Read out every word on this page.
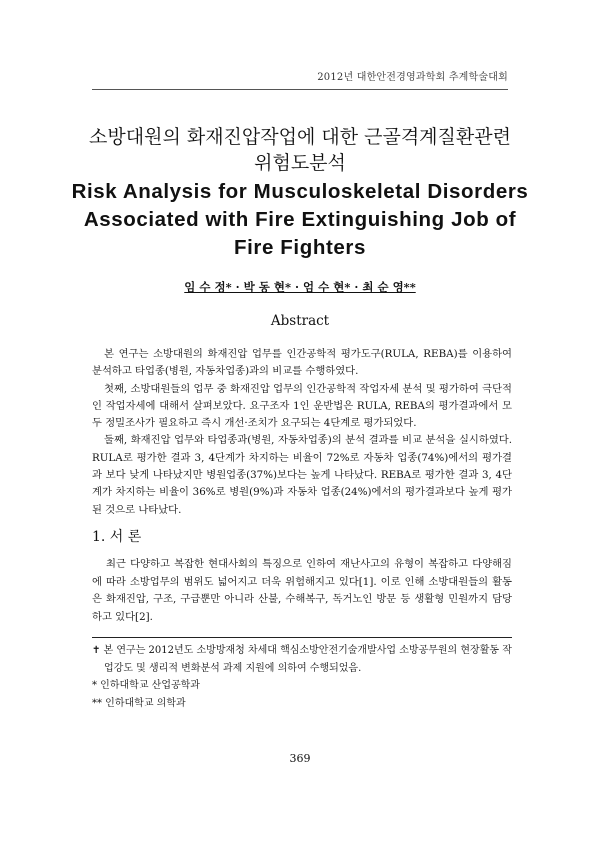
2012년 대한안전경영과학회 추계학술대회
소방대원의 화재진압작업에 대한 근골격계질환관련
위험도분석
Risk Analysis for Musculoskeletal Disorders
Associated with Fire Extinguishing Job of
Fire Fighters
임 수 정* · 박 동 현* · 엄 수 현* · 최 순 영**
Abstract

본 연구는 소방대원의 화재진압 업무를 인간공학적 평가도구(RULA, REBA)를 이용하여 분석하고 타업종(병원, 자동차업종)과의 비교를 수행하였다.

첫째, 소방대원들의 업무 중 화재진압 업무의 인간공학적 작업자세 분석 및 평가하여 극단적인 작업자세에 대해서 살펴보았다. 요구조자 1인 운반법은 RULA, REBA의 평가결과에서 모두 정밀조사가 필요하고 즉시 개선·조치가 요구되는 4단계로 평가되었다.

둘째, 화재진압 업무와 타업종과(병원, 자동차업종)의 분석 결과를 비교 분석을 실시하였다. RULA로 평가한 결과 3, 4단계가 차지하는 비율이 72%로 자동차 업종(74%)에서의 평가결과 보다 낮게 나타났지만 병원업종(37%)보다는 높게 나타났다. REBA로 평가한 결과 3, 4단계가 차지하는 비율이 36%로 병원(9%)과 자동차 업종(24%)에서의 평가결과보다 높게 평가된 것으로 나타났다.

1. 서 론

최근 다양하고 복잡한 현대사회의 특징으로 인하여 재난사고의 유형이 복잡하고 다양해짐에 따라 소방업무의 범위도 넓어지고 더욱 위험해지고 있다[1]. 이로 인해 소방대원들의 활동은 화재진압, 구조, 구급뿐만 아니라 산불, 수해복구, 독거노인 방문 등 생활형 민원까지 담당하고 있다[2].

✝ 본 연구는 2012년도 소방방재청 차세대 핵심소방안전기술개발사업 소방공무원의 현장활동 작업강도 및 생리적 변화분석 과제 지원에 의하여 수행되었음.

* 인하대학교 산업공학과

** 인하대학교 의학과

369
